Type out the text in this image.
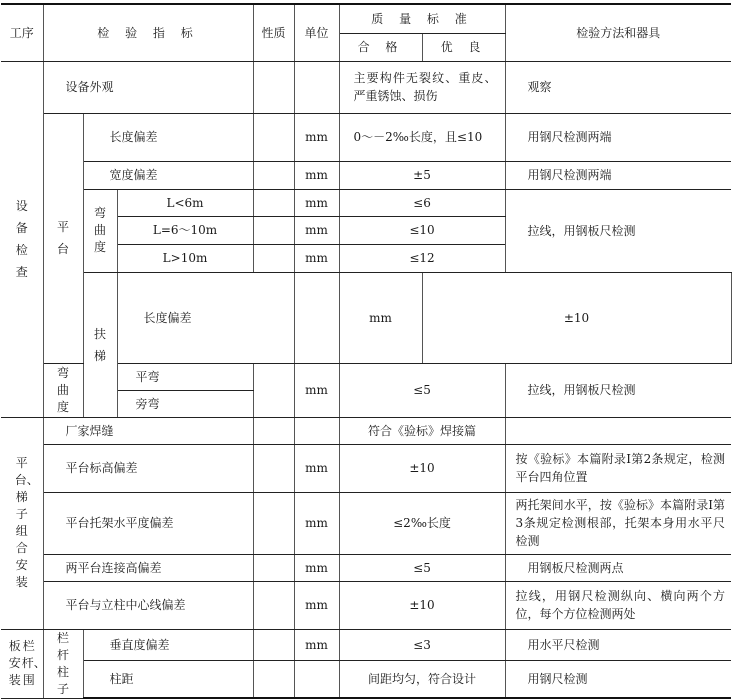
工序	检 验 指 标			性质	单位	质 量 标 准		检验方法和器具	
						合 格	优 良		
设备检查	设备外观					主要构件无裂纹、重皮、严重锈蚀、损伤		观察	
	平台	长度偏差			mm	0～－2‰长度，且≤10		用钢尺检测两端	
		宽度偏差			mm	±5		用钢尺检测两端	
		弯曲度	L<6m		mm	≤6		拉线，用钢板尺检测	
			L=6～10m		mm	≤10			
			L>10m		mm	≤12			
		扶梯	长度偏差			mm	±10	
	弯曲度		平弯		mm	≤5		拉线，用钢板尺检测	
			旁弯						
平台、梯子组合安装	厂家焊缝					符合《验标》焊接篇			
	平台标高偏差				mm	±10		按《验标》本篇附录Ⅰ第2条规定，检测平台四角位置	
	平台托架水平度偏差				mm	≤2‰长度		两托架间水平，按《验标》本篇附录Ⅰ第3条规定检测根部，托架本身用水平尺检测	
	两平台连接高偏差				mm	≤5		用钢板尺检测两点	
	平台与立柱中心线偏差				mm	±10		拉线，用钢尺检测纵向、横向两个方位，每个方位检测两处	
板安装栏杆、围	栏杆柱子	垂直度偏差			mm	≤3		用水平尺检测	
		柱距				间距均匀，符合设计		用钢尺检测	
